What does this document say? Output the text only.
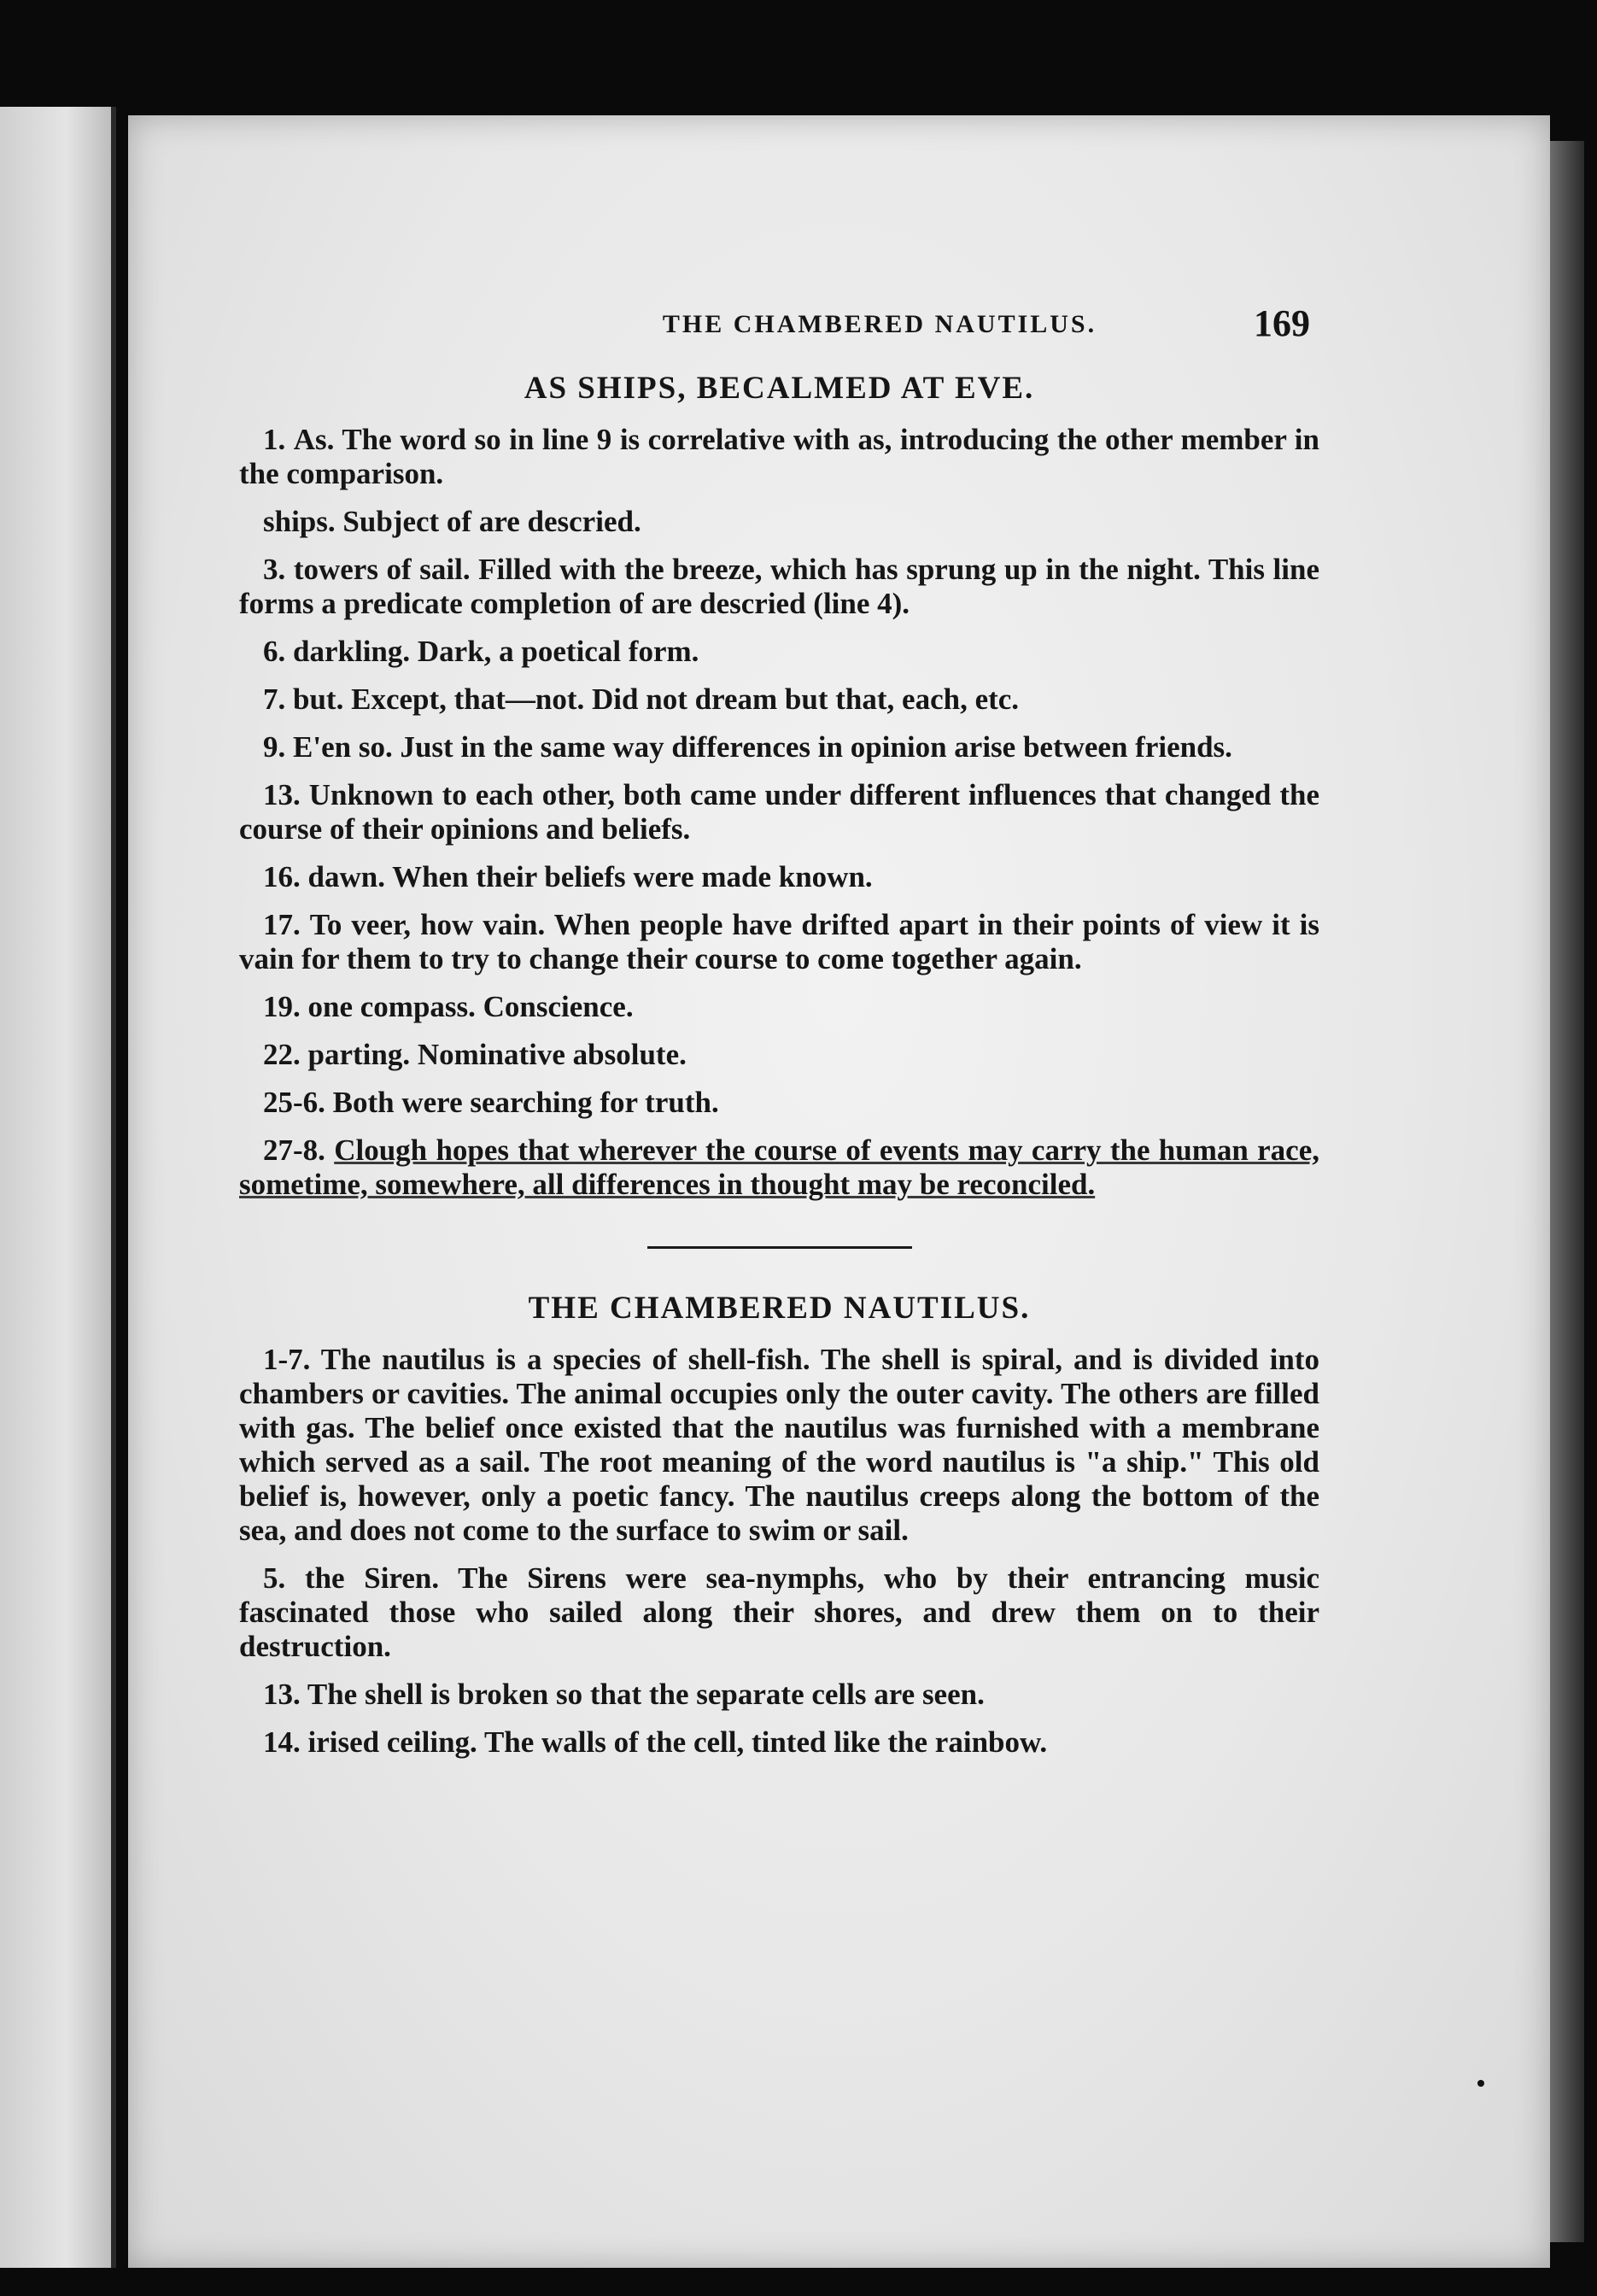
THE CHAMBERED NAUTILUS.	169
AS SHIPS, BECALMED AT EVE.

1. As. The word so in line 9 is correlative with as, introducing the other member in the comparison.

ships. Subject of are descried.

3. towers of sail. Filled with the breeze, which has sprung up in the night. This line forms a predicate completion of are descried (line 4).

6. darkling. Dark, a poetical form.

7. but. Except, that—not. Did not dream but that, each, etc.

9. E'en so. Just in the same way differences in opinion arise between friends.

13. Unknown to each other, both came under different influences that changed the course of their opinions and beliefs.

16. dawn. When their beliefs were made known.

17. To veer, how vain. When people have drifted apart in their points of view it is vain for them to try to change their course to come together again.

19. one compass. Conscience.

22. parting. Nominative absolute.

25-6. Both were searching for truth.

27-8. Clough hopes that wherever the course of events may carry the human race, sometime, somewhere, all differences in thought may be reconciled.

THE CHAMBERED NAUTILUS.

1-7. The nautilus is a species of shell-fish. The shell is spiral, and is divided into chambers or cavities. The animal occupies only the outer cavity. The others are filled with gas. The belief once existed that the nautilus was furnished with a membrane which served as a sail. The root meaning of the word nautilus is "a ship." This old belief is, however, only a poetic fancy. The nautilus creeps along the bottom of the sea, and does not come to the surface to swim or sail.

5. the Siren. The Sirens were sea-nymphs, who by their entrancing music fascinated those who sailed along their shores, and drew them on to their destruction.

13. The shell is broken so that the separate cells are seen.

14. irised ceiling. The walls of the cell, tinted like the rainbow.
